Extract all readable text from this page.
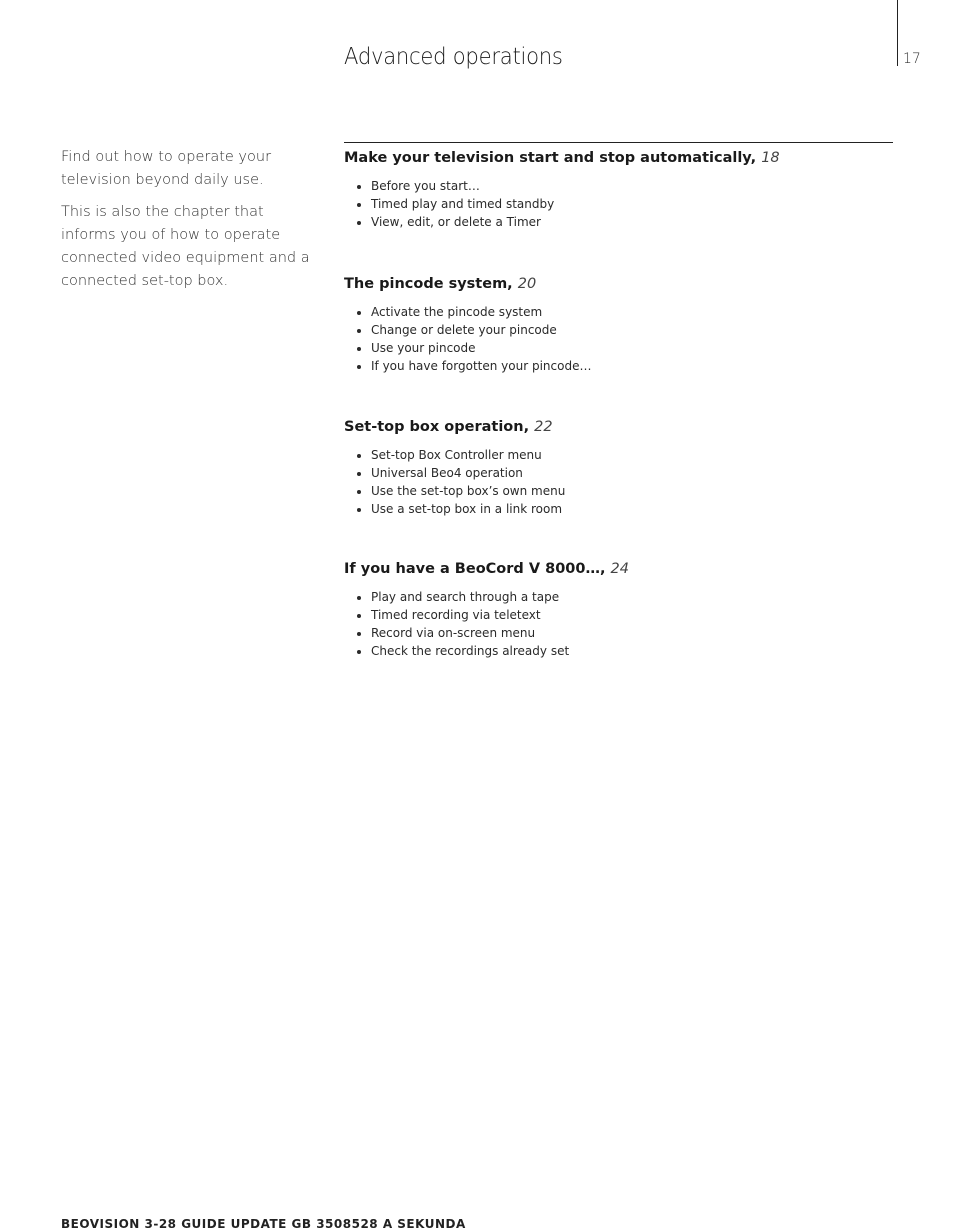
17
Advanced operations

Find out how to operate your television beyond daily use.

This is also the chapter that informs you of how to operate connected video equipment and a connected set-top box.

Make your television start and stop automatically, 18
Before you start…
Timed play and timed standby
View, edit, or delete a Timer
The pincode system, 20
Activate the pincode system
Change or delete your pincode
Use your pincode
If you have forgotten your pincode…
Set-top box operation, 22
Set-top Box Controller menu
Universal Beo4 operation
Use the set-top box’s own menu
Use a set-top box in a link room
If you have a BeoCord V 8000…, 24
Play and search through a tape
Timed recording via teletext
Record via on-screen menu
Check the recordings already set
BEOVISION 3-28 GUIDE UPDATE GB 3508528 A SEKUNDA
